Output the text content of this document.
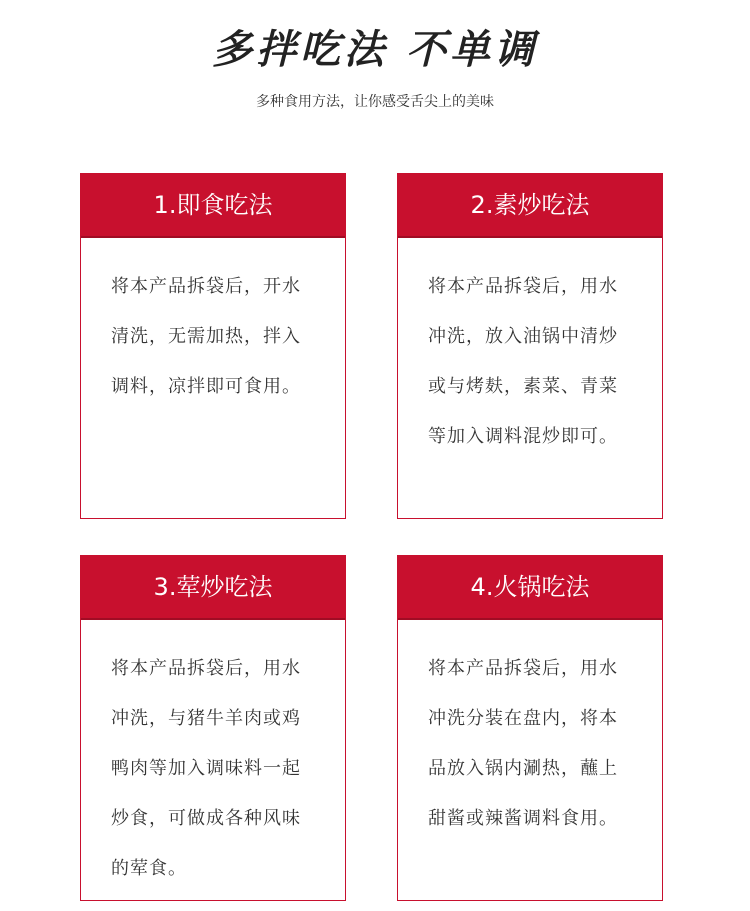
多拌吃法 不单调
多种食用方法，让你感受舌尖上的美味
1.即食吃法
将本产品拆袋后，开水
清洗，无需加热，拌入
调料，凉拌即可食用。
2.素炒吃法
将本产品拆袋后，用水
冲洗，放入油锅中清炒
或与烤麸，素菜、青菜
等加入调料混炒即可。
3.荤炒吃法
将本产品拆袋后，用水
冲洗，与猪牛羊肉或鸡
鸭肉等加入调味料一起
炒食，可做成各种风味
的荤食。
4.火锅吃法
将本产品拆袋后，用水
冲洗分装在盘内，将本
品放入锅内涮热，蘸上
甜酱或辣酱调料食用。
